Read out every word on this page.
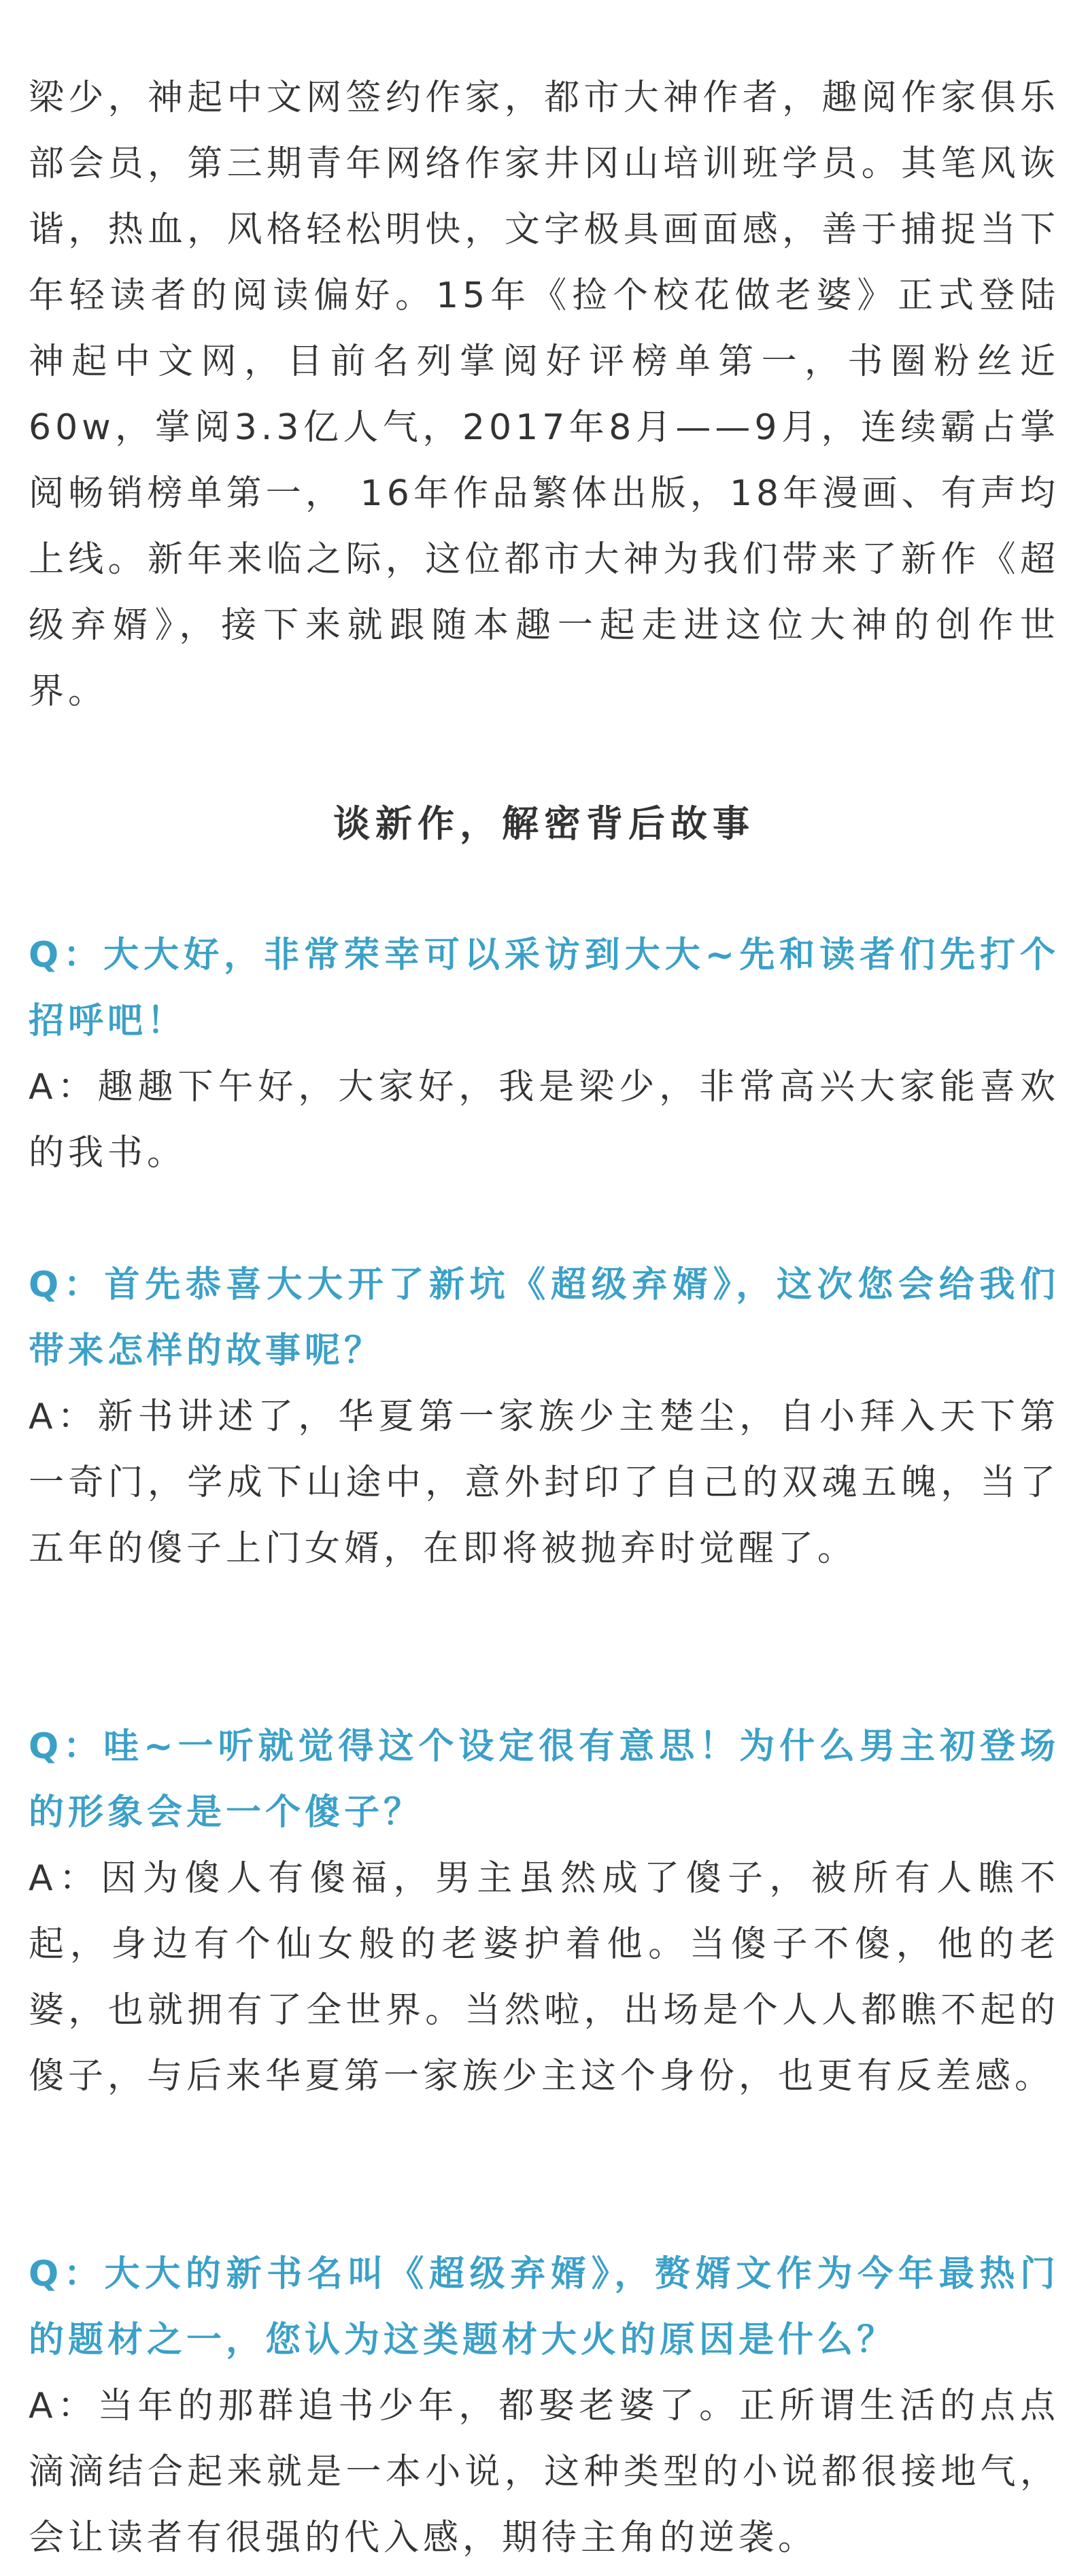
梁少，神起中文网签约作家，都市大神作者，趣阅作家俱乐部会员，第三期青年网络作家井冈山培训班学员。其笔风诙谐，热血，风格轻松明快，文字极具画面感，善于捕捉当下年轻读者的阅读偏好。15年《捡个校花做老婆》正式登陆神起中文网，目前名列掌阅好评榜单第一，书圈粉丝近60w，掌阅3.3亿人气，2017年8月——9月，连续霸占掌阅畅销榜单第一， 16年作品繁体出版，18年漫画、有声均上线。新年来临之际，这位都市大神为我们带来了新作《超级弃婿》，接下来就跟随本趣一起走进这位大神的创作世界。

谈新作，解密背后故事

Q：大大好，非常荣幸可以采访到大大~先和读者们先打个招呼吧！

A：趣趣下午好，大家好，我是梁少，非常高兴大家能喜欢的我书。

Q：首先恭喜大大开了新坑《超级弃婿》，这次您会给我们带来怎样的故事呢？

A：新书讲述了，华夏第一家族少主楚尘，自小拜入天下第一奇门，学成下山途中，意外封印了自己的双魂五魄，当了五年的傻子上门女婿，在即将被抛弃时觉醒了。

Q：哇~一听就觉得这个设定很有意思！为什么男主初登场的形象会是一个傻子？

A：因为傻人有傻福，男主虽然成了傻子，被所有人瞧不起，身边有个仙女般的老婆护着他。当傻子不傻，他的老婆，也就拥有了全世界。当然啦，出场是个人人都瞧不起的傻子，与后来华夏第一家族少主这个身份，也更有反差感。

Q：大大的新书名叫《超级弃婿》，赘婿文作为今年最热门的题材之一，您认为这类题材大火的原因是什么？

A：当年的那群追书少年，都娶老婆了。正所谓生活的点点滴滴结合起来就是一本小说，这种类型的小说都很接地气，会让读者有很强的代入感，期待主角的逆袭。
